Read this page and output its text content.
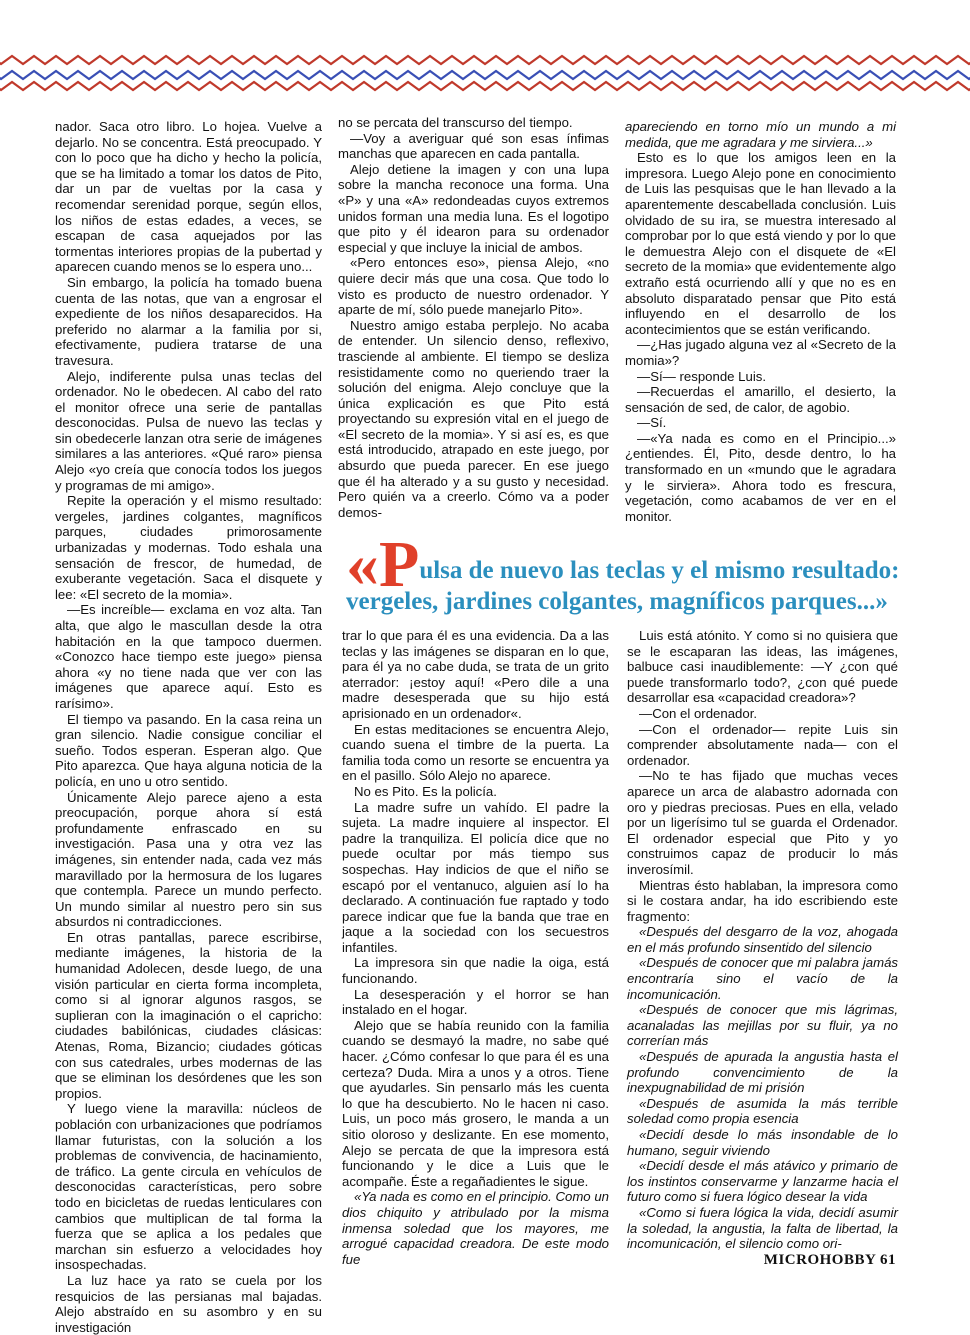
nador. Saca otro libro. Lo hojea. Vuelve a dejarlo. No se concentra. Está preocupado. Y con lo poco que ha dicho y hecho la policía, que se ha limitado a tomar los datos de Pito, dar un par de vueltas por la casa y recomendar serenidad porque, según ellos, los niños de estas edades, a veces, se escapan de casa aquejados por las tormentas interiores propias de la pubertad y aparecen cuando menos se lo espera uno...

Sin embargo, la policía ha tomado buena cuenta de las notas, que van a engrosar el expediente de los niños desaparecidos. Ha preferido no alarmar a la familia por si, efectivamente, pudiera tratarse de una travesura.

Alejo, indiferente pulsa unas teclas del ordenador. No le obedecen. Al cabo del rato el monitor ofrece una serie de pantallas desconocidas. Pulsa de nuevo las teclas y sin obedecerle lanzan otra serie de imágenes similares a las anteriores. «Qué raro» piensa Alejo «yo creía que conocía todos los juegos y programas de mi amigo».

Repite la operación y el mismo resultado: vergeles, jardines colgantes, magníficos parques, ciudades primorosamente urbanizadas y modernas. Todo eshala una sensación de frescor, de humedad, de exuberante vegetación. Saca el disquete y lee: «El secreto de la momia».

—Es increíble— exclama en voz alta. Tan alta, que algo le mascullan desde la otra habitación en la que tampoco duermen. «Conozco hace tiempo este juego» piensa ahora «y no tiene nada que ver con las imágenes que aparece aquí. Esto es rarísimo».

El tiempo va pasando. En la casa reina un gran silencio. Nadie consigue conciliar el sueño. Todos esperan. Esperan algo. Que Pito aparezca. Que haya alguna noticia de la policía, en uno u otro sentido.

Únicamente Alejo parece ajeno a esta preocupación, porque ahora sí está profundamente enfrascado en su investigación. Pasa una y otra vez las imágenes, sin entender nada, cada vez más maravillado por la hermosura de los lugares que contempla. Parece un mundo perfecto. Un mundo similar al nuestro pero sin sus absurdos ni contradicciones.

En otras pantallas, parece escribirse, mediante imágenes, la historia de la humanidad Adolecen, desde luego, de una visión particular en cierta forma incompleta, como si al ignorar algunos rasgos, se suplieran con la imaginación o el capricho: ciudades babilónicas, ciudades clásicas: Atenas, Roma, Bizancio; ciudades góticas con sus catedrales, urbes modernas de las que se eliminan los desórdenes que les son propios.

Y luego viene la maravilla: núcleos de población con urbanizaciones que podríamos llamar futuristas, con la solución a los problemas de convivencia, de hacinamiento, de tráfico. La gente circula en vehículos de desconocidas características, pero sobre todo en bicicletas de ruedas lenticulares con cambios que multiplican de tal forma la fuerza que se aplica a los pedales que marchan sin esfuerzo a velocidades hoy insospechadas.

La luz hace ya rato se cuela por los resquicios de las persianas mal bajadas. Alejo abstraído en su asombro y en su investigación

no se percata del transcurso del tiempo.

—Voy a averiguar qué son esas ínfimas manchas que aparecen en cada pantalla.

Alejo detiene la imagen y con una lupa sobre la mancha reconoce una forma. Una «P» y una «A» redondeadas cuyos extremos unidos forman una media luna. Es el logotipo que pito y él idearon para su ordenador especial y que incluye la inicial de ambos.

«Pero entonces eso», piensa Alejo, «no quiere decir más que una cosa. Que todo lo visto es producto de nuestro ordenador. Y aparte de mí, sólo puede manejarlo Pito».

Nuestro amigo estaba perplejo. No acaba de entender. Un silencio denso, reflexivo, trasciende al ambiente. El tiempo se desliza resistidamente como no queriendo traer la solución del enigma. Alejo concluye que la única explicación es que Pito está proyectando su expresión vital en el juego de «El secreto de la momia». Y si así es, es que está introducido, atrapado en este juego, por absurdo que pueda parecer. En ese juego que él ha alterado y a su gusto y necesidad. Pero quién va a creerlo. Cómo va a poder demos-

apareciendo en torno mío un mundo a mi medida, que me agradara y me sirviera...»

Esto es lo que los amigos leen en la impresora. Luego Alejo pone en conocimiento de Luis las pesquisas que le han llevado a la aparentemente descabellada conclusión. Luis olvidado de su ira, se muestra interesado al comprobar por lo que está viendo y por lo que le demuestra Alejo con el disquete de «El secreto de la momia» que evidentemente algo extraño está ocurriendo allí y que no es en absoluto disparatado pensar que Pito está influyendo en el desarrollo de los acontecimientos que se están verificando.

—¿Has jugado alguna vez al «Secreto de la momia»?

—Sí— responde Luis.

—Recuerdas el amarillo, el desierto, la sensación de sed, de calor, de agobio.

—Sí.

—«Ya nada es como en el Principio...» ¿entiendes. Él, Pito, desde dentro, lo ha transformado en un «mundo que le agradara y le sirviera». Ahora todo es frescura, vegetación, como acabamos de ver en el monitor.

«Pulsa de nuevo las teclas y el mismo resultado:
vergeles, jardines colgantes, magníficos parques...»

trar lo que para él es una evidencia. Da a las teclas y las imágenes se disparan en lo que, para él ya no cabe duda, se trata de un grito aterrador: ¡estoy aquí! «Pero dile a una madre desesperada que su hijo está aprisionado en un ordenador«.

En estas meditaciones se encuentra Alejo, cuando suena el timbre de la puerta. La familia toda como un resorte se encuentra ya en el pasillo. Sólo Alejo no aparece.

No es Pito. Es la policía.

La madre sufre un vahído. El padre la sujeta. La madre inquiere al inspector. El padre la tranquiliza. El policía dice que no puede ocultar por más tiempo sus sospechas. Hay indicios de que el niño se escapó por el ventanuco, alguien así lo ha declarado. A continuación fue raptado y todo parece indicar que fue la banda que trae en jaque a la sociedad con los secuestros infantiles.

La impresora sin que nadie la oiga, está funcionando.

La desesperación y el horror se han instalado en el hogar.

Alejo que se había reunido con la familia cuando se desmayó la madre, no sabe qué hacer. ¿Cómo confesar lo que para él es una certeza? Duda. Mira a unos y a otros. Tiene que ayudarles. Sin pensarlo más les cuenta lo que ha descubierto. No le hacen ni caso. Luis, un poco más grosero, le manda a un sitio oloroso y deslizante. En ese momento, Alejo se percata de que la impresora está funcionando y le dice a Luis que le acompañe. Éste a regañadientes le sigue.

«Ya nada es como en el principio. Como un dios chiquito y atribulado por la misma inmensa soledad que los mayores, me arrogué capacidad creadora. De este modo fue

Luis está atónito. Y como si no quisiera que se le escaparan las ideas, las imágenes, balbuce casi inaudiblemente: —Y ¿con qué puede transformarlo todo?, ¿con qué puede desarrollar esa «capacidad creadora»?

—Con el ordenador.

—Con el ordenador— repite Luis sin comprender absolutamente nada— con el ordenador.

—No te has fijado que muchas veces aparece un arca de alabastro adornada con oro y piedras preciosas. Pues en ella, velado por un ligerísimo tul se guarda el Ordenador. El ordenador especial que Pito y yo construimos capaz de producir lo más inverosímil.

Mientras ésto hablaban, la impresora como si le costara andar, ha ido escribiendo este fragmento:

«Después del desgarro de la voz, ahogada en el más profundo sinsentido del silencio

«Después de conocer que mi palabra jamás encontraría sino el vacío de la incomunicación.

«Después de conocer que mis lágrimas, acanaladas las mejillas por su fluir, ya no correrían más

«Después de apurada la angustia hasta el profundo convencimiento de la inexpugnabilidad de mi prisión

«Después de asumida la más terrible soledad como propia esencia

«Decidí desde lo más insondable de lo humano, seguir viviendo

«Decidí desde el más atávico y primario de los instintos conservarme y lanzarme hacia el futuro como si fuera lógico desear la vida

«Como si fuera lógica la vida, decidí asumir la soledad, la angustia, la falta de libertad, la incomunicación, el silencio como ori-

MICROHOBBY 61
